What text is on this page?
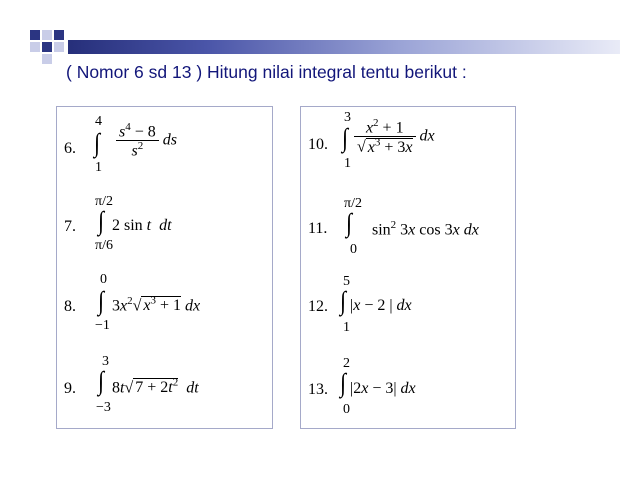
( Nomor 6 sd 13 ) Hitung nilai integral tentu berikut :
6.
4
∫
1
$\frac{s^4 - 8}{s^2}$ ds
7.
π/2
∫
π/6
2 sin t dt
8.
0
∫
−1
$3x^2√$ $x^3 + 1$ dx
9.
3
∫
−3
8t√ $7 + 2t^2$ dt
10.
3
∫
1
$\frac{x^2 + 1}{√ x^3 + 3x}$ dx
11.
π/2
∫
0
$\sin^2 3x$ cos 3x dx
12.
5
∫
1
|x − 2 | dx
13.
2
∫
0
|2x − 3| dx
